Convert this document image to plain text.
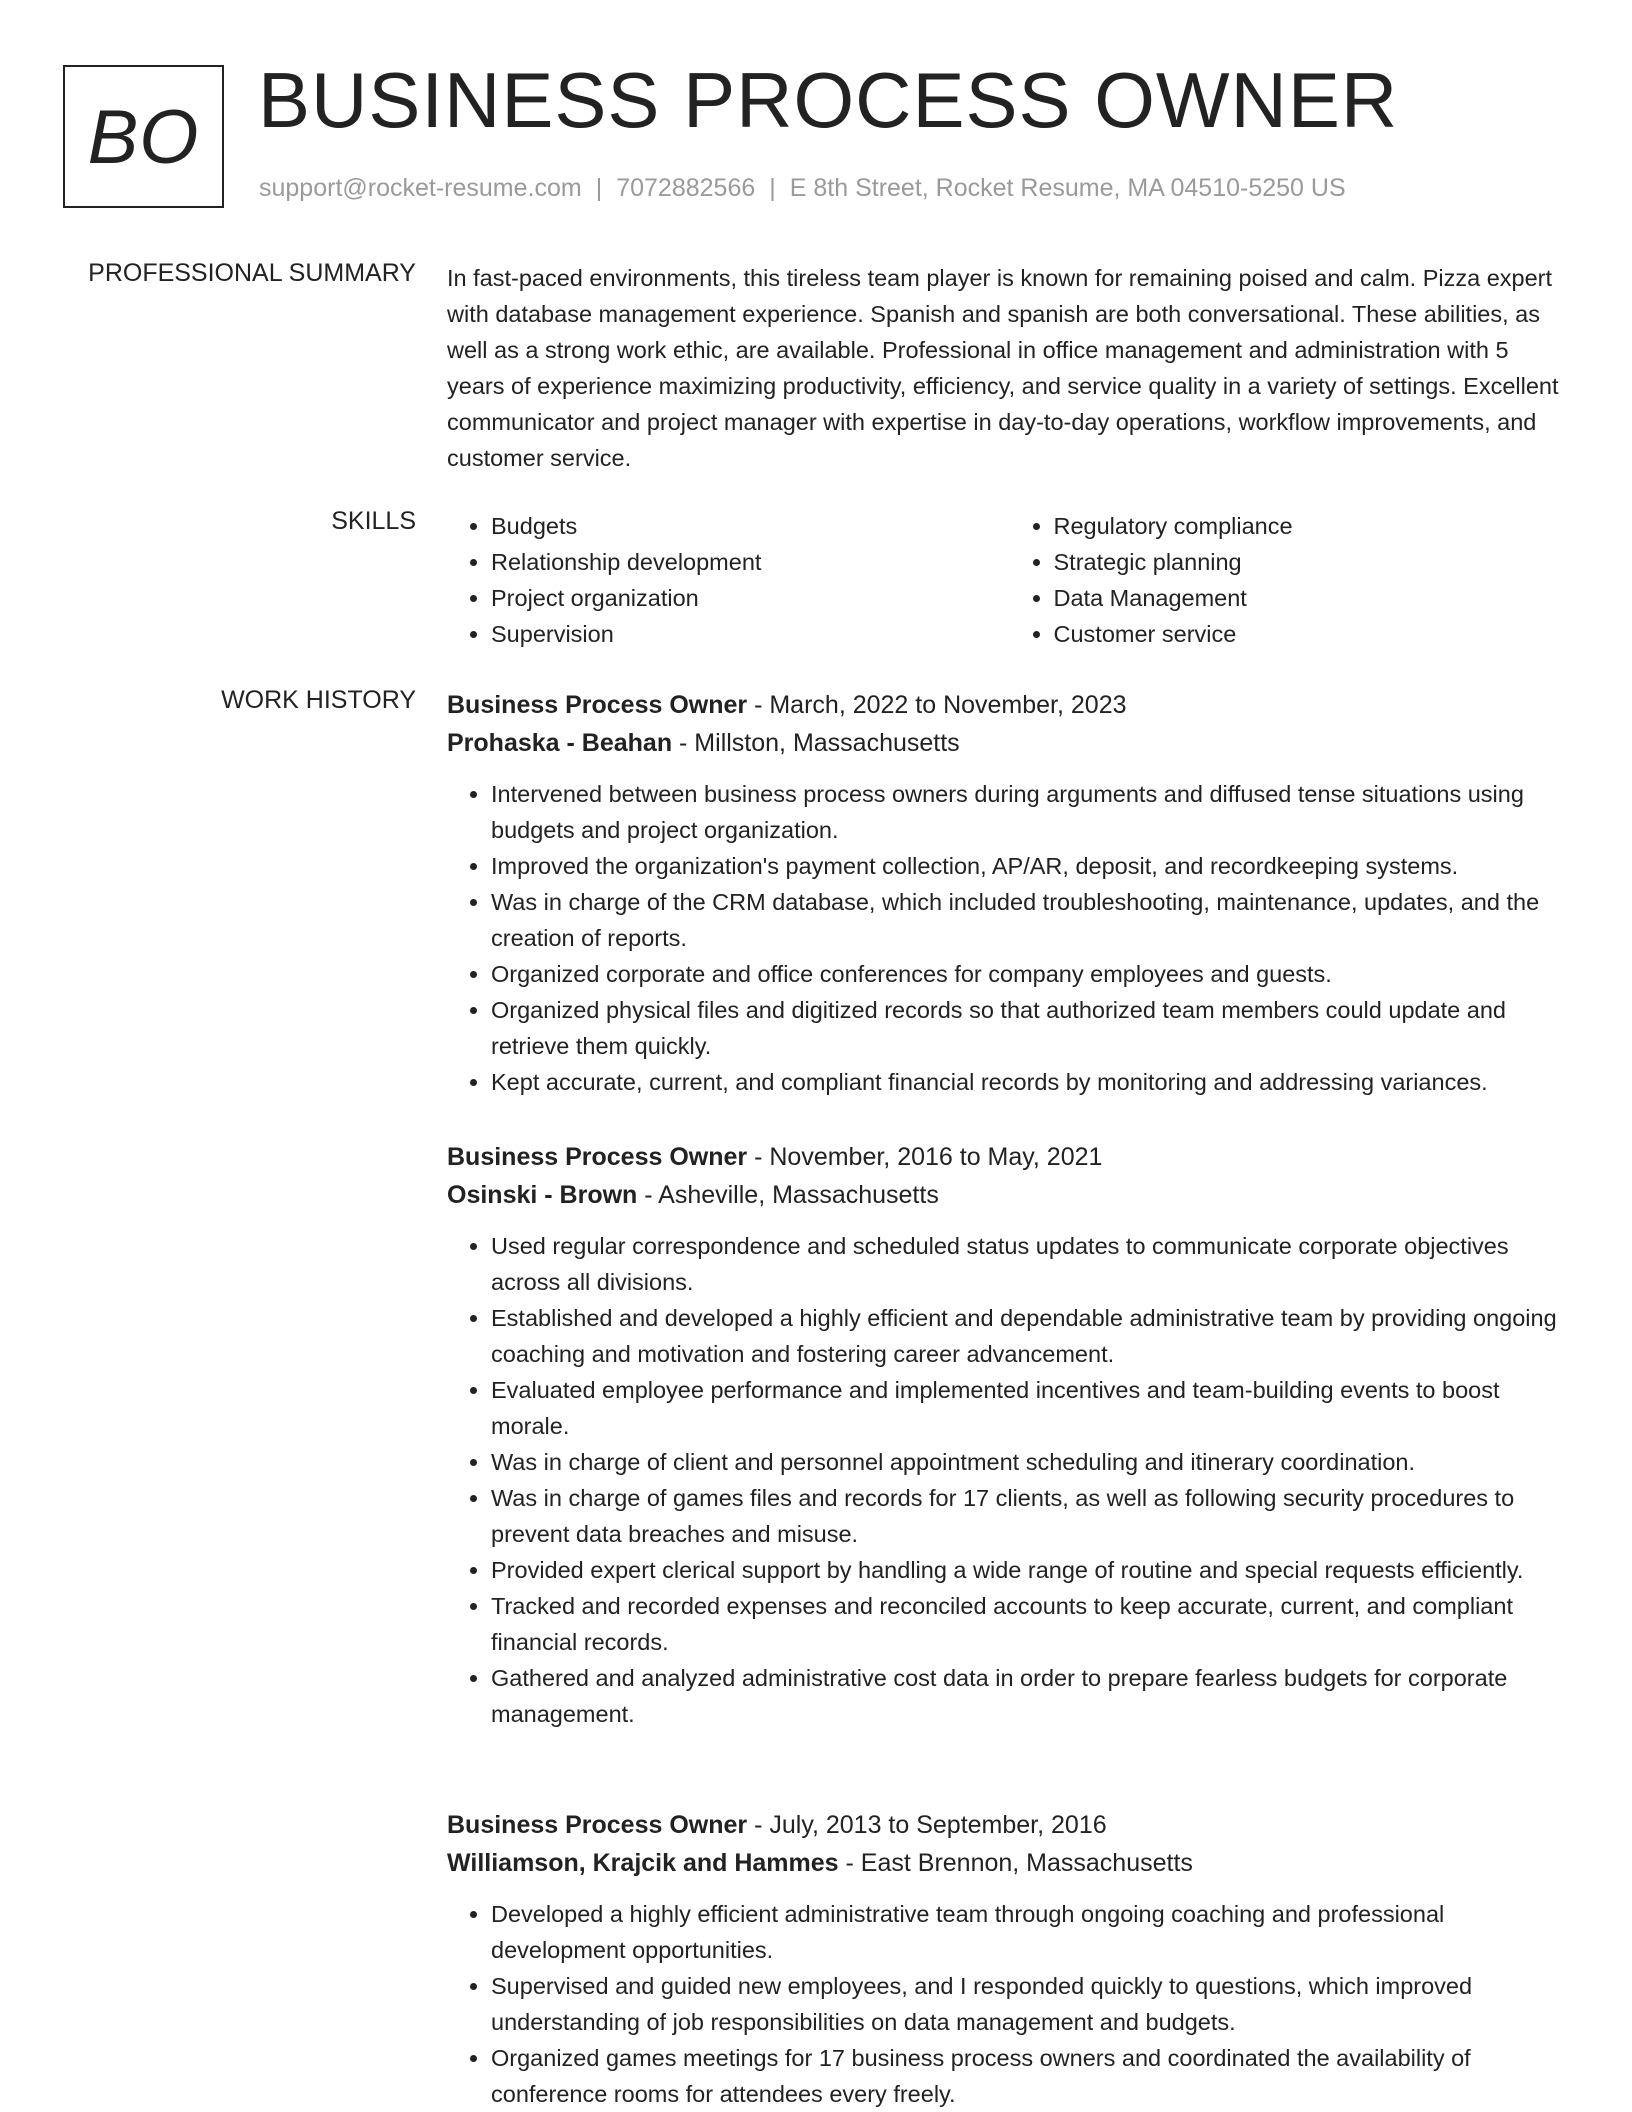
BO BUSINESS PROCESS OWNER
support@rocket-resume.com | 7072882566 | E 8th Street, Rocket Resume, MA 04510-5250 US
PROFESSIONAL SUMMARY In fast-paced environments, this tireless team player is known for remaining poised and calm. Pizza expert with database management experience. Spanish and spanish are both conversational. These abilities, as well as a strong work ethic, are available. Professional in office management and administration with 5 years of experience maximizing productivity, efficiency, and service quality in a variety of settings. Excellent communicator and project manager with expertise in day-to-day operations, workflow improvements, and customer service.

SKILLS
•	Budgets
• Relationship development
• Project organization
• Supervision
• Regulatory compliance
• Strategic planning
• Data Management
• Customer service
WORK HISTORY Business Process Owner - March, 2022 to November, 2023
Prohaska - Beahan - Millston, Massachusetts
• Intervened between business process owners during arguments and diffused tense situations using budgets and project organization.
• Improved the organization's payment collection, AP/AR, deposit, and recordkeeping systems.
• Was in charge of the CRM database, which included troubleshooting, maintenance, updates, and the creation of reports.
• Organized corporate and office conferences for company employees and guests.
• Organized physical files and digitized records so that authorized team members could update and retrieve them quickly.
• Kept accurate, current, and compliant financial records by monitoring and addressing variances.
Business Process Owner - November, 2016 to May, 2021
Osinski - Brown - Asheville, Massachusetts
• Used regular correspondence and scheduled status updates to communicate corporate objectives across all divisions.
• Established and developed a highly efficient and dependable administrative team by providing ongoing coaching and motivation and fostering career advancement.
• Evaluated employee performance and implemented incentives and team-building events to boost morale.
• Was in charge of client and personnel appointment scheduling and itinerary coordination.
• Was in charge of games files and records for 17 clients, as well as following security procedures to prevent data breaches and misuse.
• Provided expert clerical support by handling a wide range of routine and special requests efficiently.
• Tracked and recorded expenses and reconciled accounts to keep accurate, current, and compliant financial records.
• Gathered and analyzed administrative cost data in order to prepare fearless budgets for corporate management.
Business Process Owner - July, 2013 to September, 2016
Williamson, Krajcik and Hammes - East Brennon, Massachusetts
• Developed a highly efficient administrative team through ongoing coaching and professional development opportunities.
• Supervised and guided new employees, and I responded quickly to questions, which improved understanding of job responsibilities on data management and budgets.
• Organized games meetings for 17 business process owners and coordinated the availability of conference rooms for attendees every freely.
